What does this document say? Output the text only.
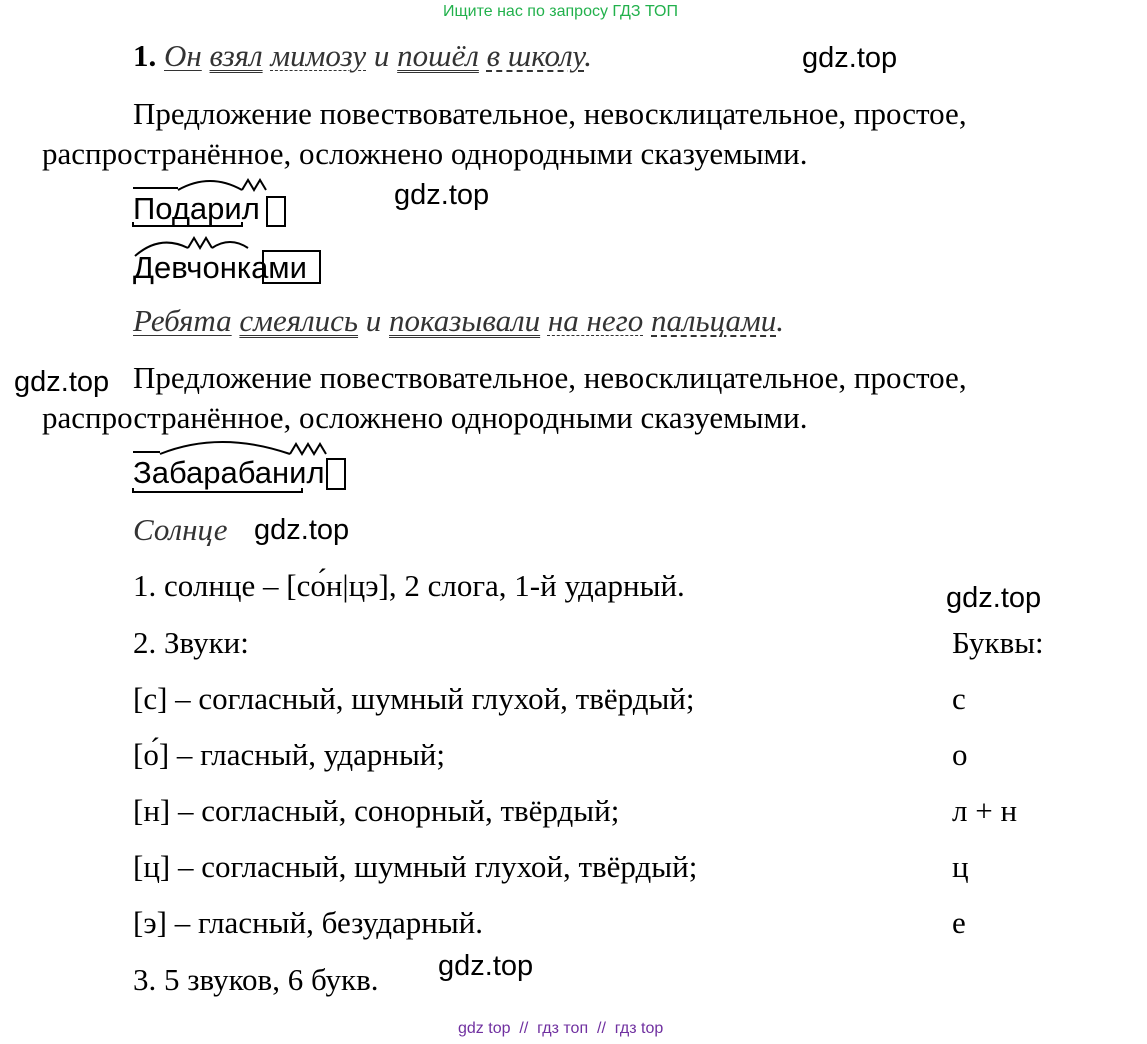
Ищите нас по запросу ГДЗ ТОП
1. Он взял мимозу и пошёл в школу.
Предложение повествовательное, невосклицательное, простое,
распространённое, осложнено однородными сказуемыми.
Подарил
Девчонками
Ребята смеялись и показывали на него пальцами.
Предложение повествовательное, невосклицательное, простое,
распространённое, осложнено однородными сказуемыми.
Забарабанил
Солнце
1. солнце – [со́н|цэ], 2 слога, 1-й ударный.
2. Звуки:	Буквы:
[с] – согласный, шумный глухой, твёрдый;	с
[о́] – гласный, ударный;	о
[н] – согласный, сонорный, твёрдый;	л + н
[ц] – согласный, шумный глухой, твёрдый;	ц
[э] – гласный, безударный.	е
3. 5 звуков, 6 букв.
gdz.top
gdz.top
gdz.top
gdz.top
gdz.top
gdz.top
gdz top  //  гдз топ  //  гдз top
